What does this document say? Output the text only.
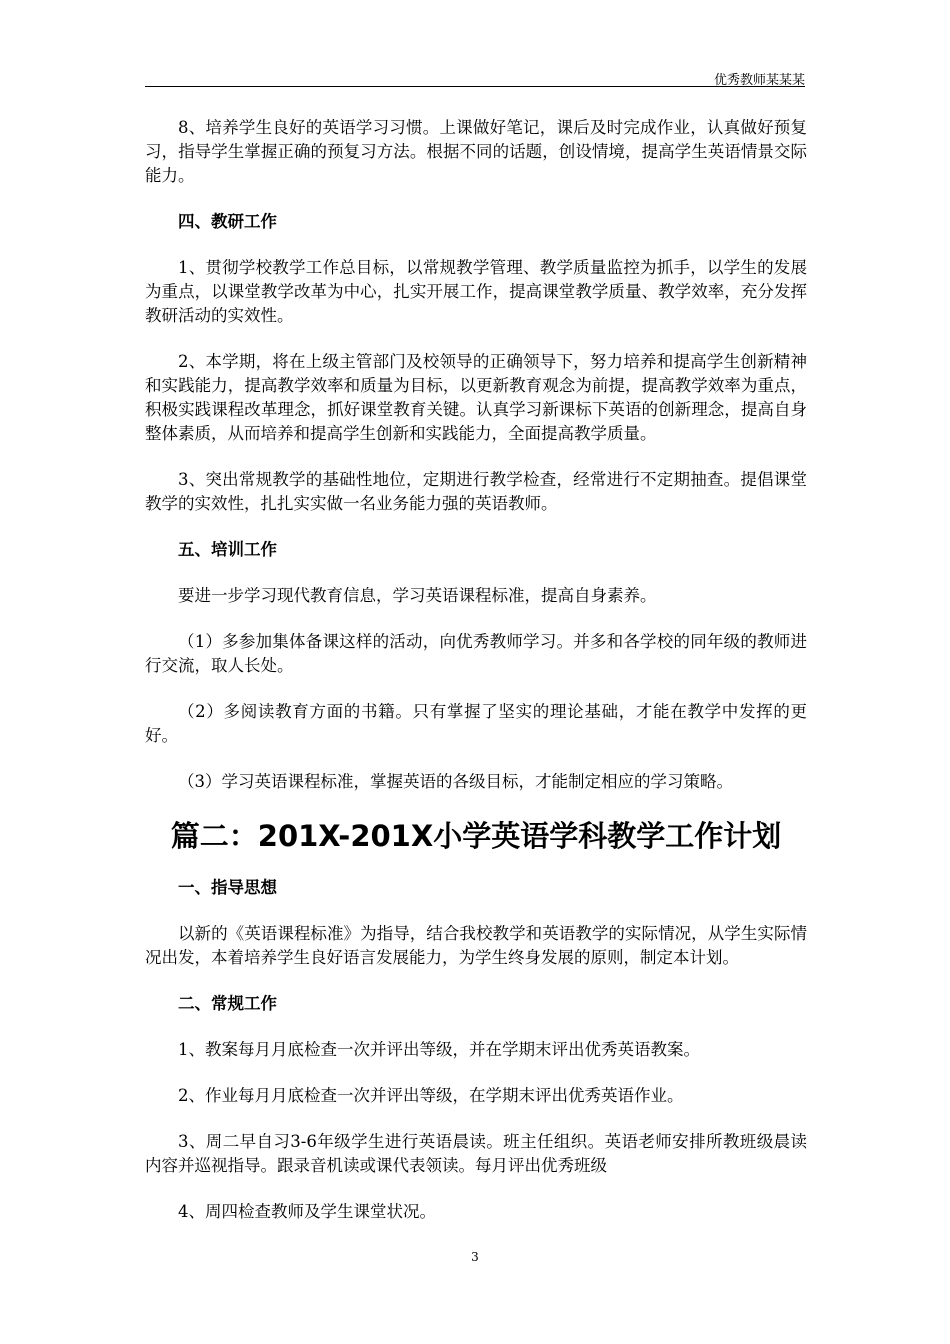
优秀教师某某某

8、培养学生良好的英语学习习惯。上课做好笔记，课后及时完成作业，认真做好预复习，指导学生掌握正确的预复习方法。根据不同的话题，创设情境，提高学生英语情景交际能力。

四、教研工作

1、贯彻学校教学工作总目标，以常规教学管理、教学质量监控为抓手，以学生的发展为重点，以课堂教学改革为中心，扎实开展工作，提高课堂教学质量、教学效率，充分发挥教研活动的实效性。

2、本学期，将在上级主管部门及校领导的正确领导下，努力培养和提高学生创新精神和实践能力，提高教学效率和质量为目标，以更新教育观念为前提，提高教学效率为重点，积极实践课程改革理念，抓好课堂教育关键。认真学习新课标下英语的创新理念，提高自身整体素质，从而培养和提高学生创新和实践能力，全面提高教学质量。

3、突出常规教学的基础性地位，定期进行教学检查，经常进行不定期抽查。提倡课堂教学的实效性，扎扎实实做一名业务能力强的英语教师。

五、培训工作

要进一步学习现代教育信息，学习英语课程标准，提高自身素养。

（1）多参加集体备课这样的活动，向优秀教师学习。并多和各学校的同年级的教师进行交流，取人长处。

（2）多阅读教育方面的书籍。只有掌握了坚实的理论基础，才能在教学中发挥的更好。

（3）学习英语课程标准，掌握英语的各级目标，才能制定相应的学习策略。

篇二：201X-201X小学英语学科教学工作计划

一、指导思想

以新的《英语课程标准》为指导，结合我校教学和英语教学的实际情况，从学生实际情况出发，本着培养学生良好语言发展能力，为学生终身发展的原则，制定本计划。

二、常规工作

1、教案每月月底检查一次并评出等级，并在学期末评出优秀英语教案。

2、作业每月月底检查一次并评出等级，在学期末评出优秀英语作业。

3、周二早自习3-6年级学生进行英语晨读。班主任组织。英语老师安排所教班级晨读内容并巡视指导。跟录音机读或课代表领读。每月评出优秀班级

4、周四检查教师及学生课堂状况。

3
